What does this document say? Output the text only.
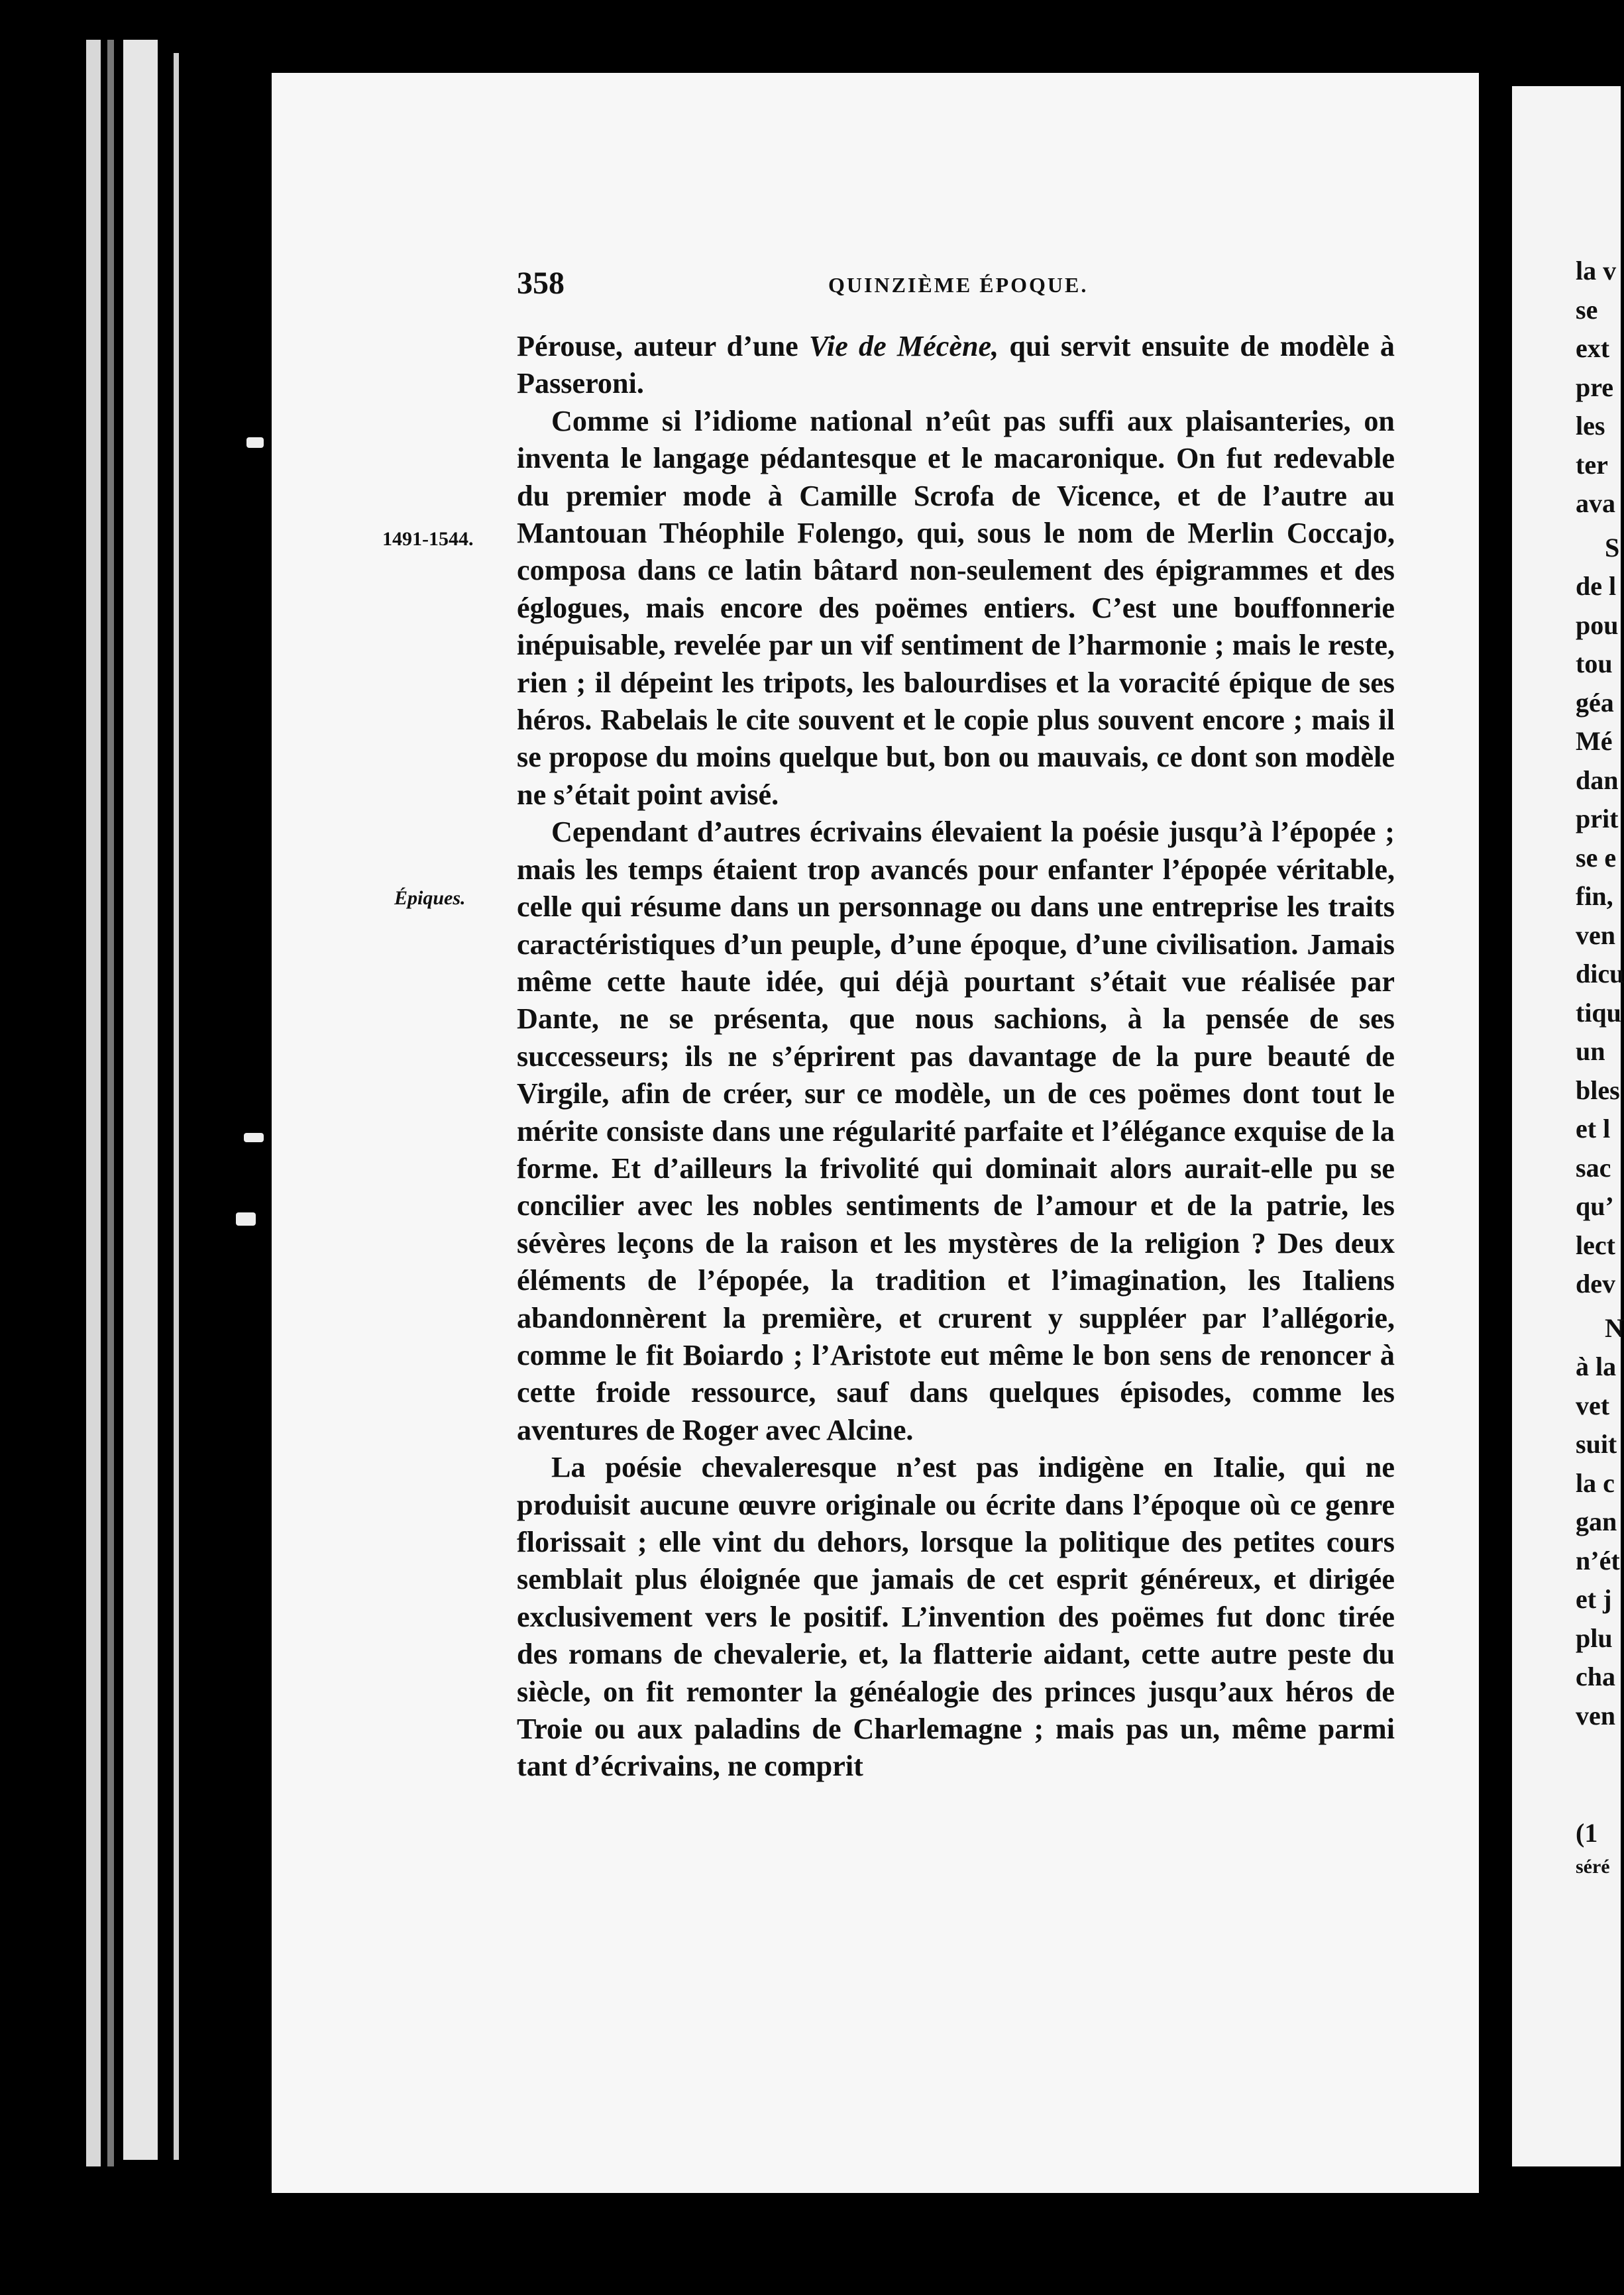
358	QUINZIÈME ÉPOQUE.
1491-1544.
Épiques.

Pérouse, auteur d’une Vie de Mécène, qui servit ensuite de modèle à Passeroni.

Comme si l’idiome national n’eût pas suffi aux plaisanteries, on inventa le langage pédantesque et le macaronique. On fut redevable du premier mode à Camille Scrofa de Vicence, et de l’autre au Mantouan Théophile Folengo, qui, sous le nom de Merlin Coccajo, composa dans ce latin bâtard non-seulement des épigrammes et des églogues, mais encore des poëmes entiers. C’est une bouffonnerie inépuisable, revelée par un vif sentiment de l’harmonie ; mais le reste, rien ; il dépeint les tripots, les balourdises et la voracité épique de ses héros. Rabelais le cite souvent et le copie plus souvent encore ; mais il se propose du moins quelque but, bon ou mauvais, ce dont son modèle ne s’était point avisé.

Cependant d’autres écrivains élevaient la poésie jusqu’à l’épopée ; mais les temps étaient trop avancés pour enfanter l’épopée véritable, celle qui résume dans un personnage ou dans une entreprise les traits caractéristiques d’un peuple, d’une époque, d’une civilisation. Jamais même cette haute idée, qui déjà pourtant s’était vue réalisée par Dante, ne se présenta, que nous sachions, à la pensée de ses successeurs; ils ne s’éprirent pas davantage de la pure beauté de Virgile, afin de créer, sur ce modèle, un de ces poëmes dont tout le mérite consiste dans une régularité parfaite et l’élégance exquise de la forme. Et d’ailleurs la frivolité qui dominait alors aurait-elle pu se concilier avec les nobles sentiments de l’amour et de la patrie, les sévères leçons de la raison et les mystères de la religion ? Des deux éléments de l’épopée, la tradition et l’imagination, les Italiens abandonnèrent la première, et crurent y suppléer par l’allégorie, comme le fit Boiardo ; l’Aristote eut même le bon sens de renoncer à cette froide ressource, sauf dans quelques épisodes, comme les aventures de Roger avec Alcine.

La poésie chevaleresque n’est pas indigène en Italie, qui ne produisit aucune œuvre originale ou écrite dans l’époque où ce genre florissait ; elle vint du dehors, lorsque la politique des petites cours semblait plus éloignée que jamais de cet esprit généreux, et dirigée exclusivement vers le positif. L’invention des poëmes fut donc tirée des romans de chevalerie, et, la flatterie aidant, cette autre peste du siècle, on fit remonter la généalogie des princes jusqu’aux héros de Troie ou aux paladins de Charlemagne ; mais pas un, même parmi tant d’écrivains, ne comprit

la v
se
ext
pre
les
ter
ava
S
de l
pou
tou
géa
Mé
dan
prit
se e
fin,
ven
dicu
tiqu
un
bles
et l
sac
qu’
lect
dev
N
à la
vet
suit
la c
gan
n’ét
et j
plu
cha
ven
(1
séré
